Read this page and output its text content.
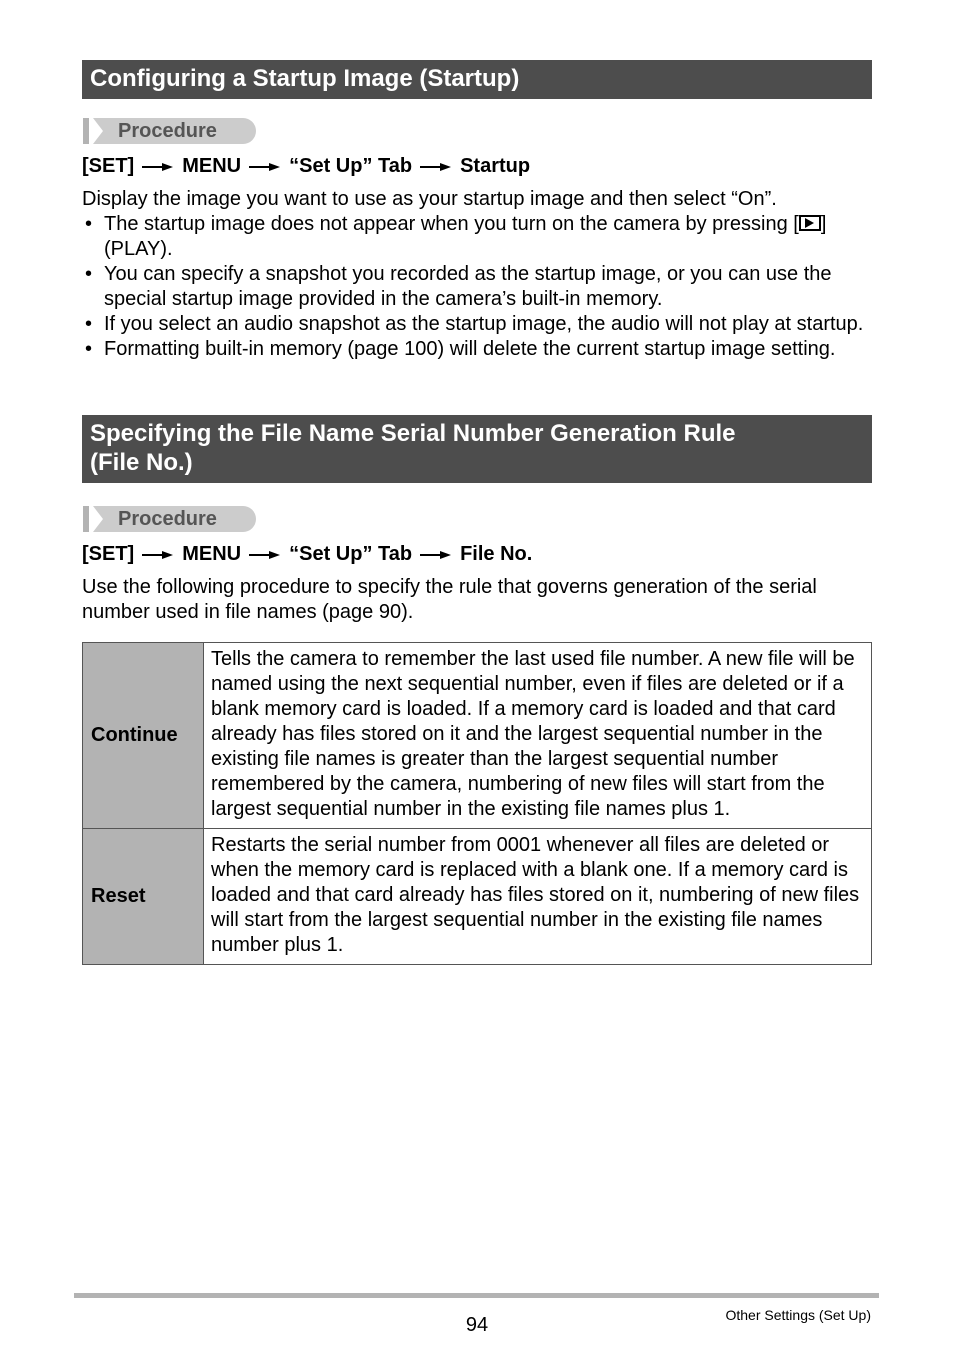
Configuring a Startup Image (Startup)
Procedure
[SET] MENU “Set Up” Tab Startup
Display the image you want to use as your startup image and then select “On”.
• The startup image does not appear when you turn on the camera by pressing [ ] (PLAY).
• You can specify a snapshot you recorded as the startup image, or you can use the special startup image provided in the camera’s built-in memory.
• If you select an audio snapshot as the startup image, the audio will not play at startup.
• Formatting built-in memory (page 100) will delete the current startup image setting.
Specifying the File Name Serial Number Generation Rule
(File No.)
Procedure
[SET] MENU “Set Up” Tab File No.
Use the following procedure to specify the rule that governs generation of the serial number used in file names (page 90).
Continue	Tells the camera to remember the last used file number. A new file will be named using the next sequential number, even if files are deleted or if a blank memory card is loaded. If a memory card is loaded and that card already has files stored on it and the largest sequential number in the existing file names is greater than the largest sequential number remembered by the camera, numbering of new files will start from the largest sequential number in the existing file names plus 1.
Reset	Restarts the serial number from 0001 whenever all files are deleted or when the memory card is replaced with a blank one. If a memory card is loaded and that card already has files stored on it, numbering of new files will start from the largest sequential number in the existing file names number plus 1.
94	Other Settings (Set Up)
